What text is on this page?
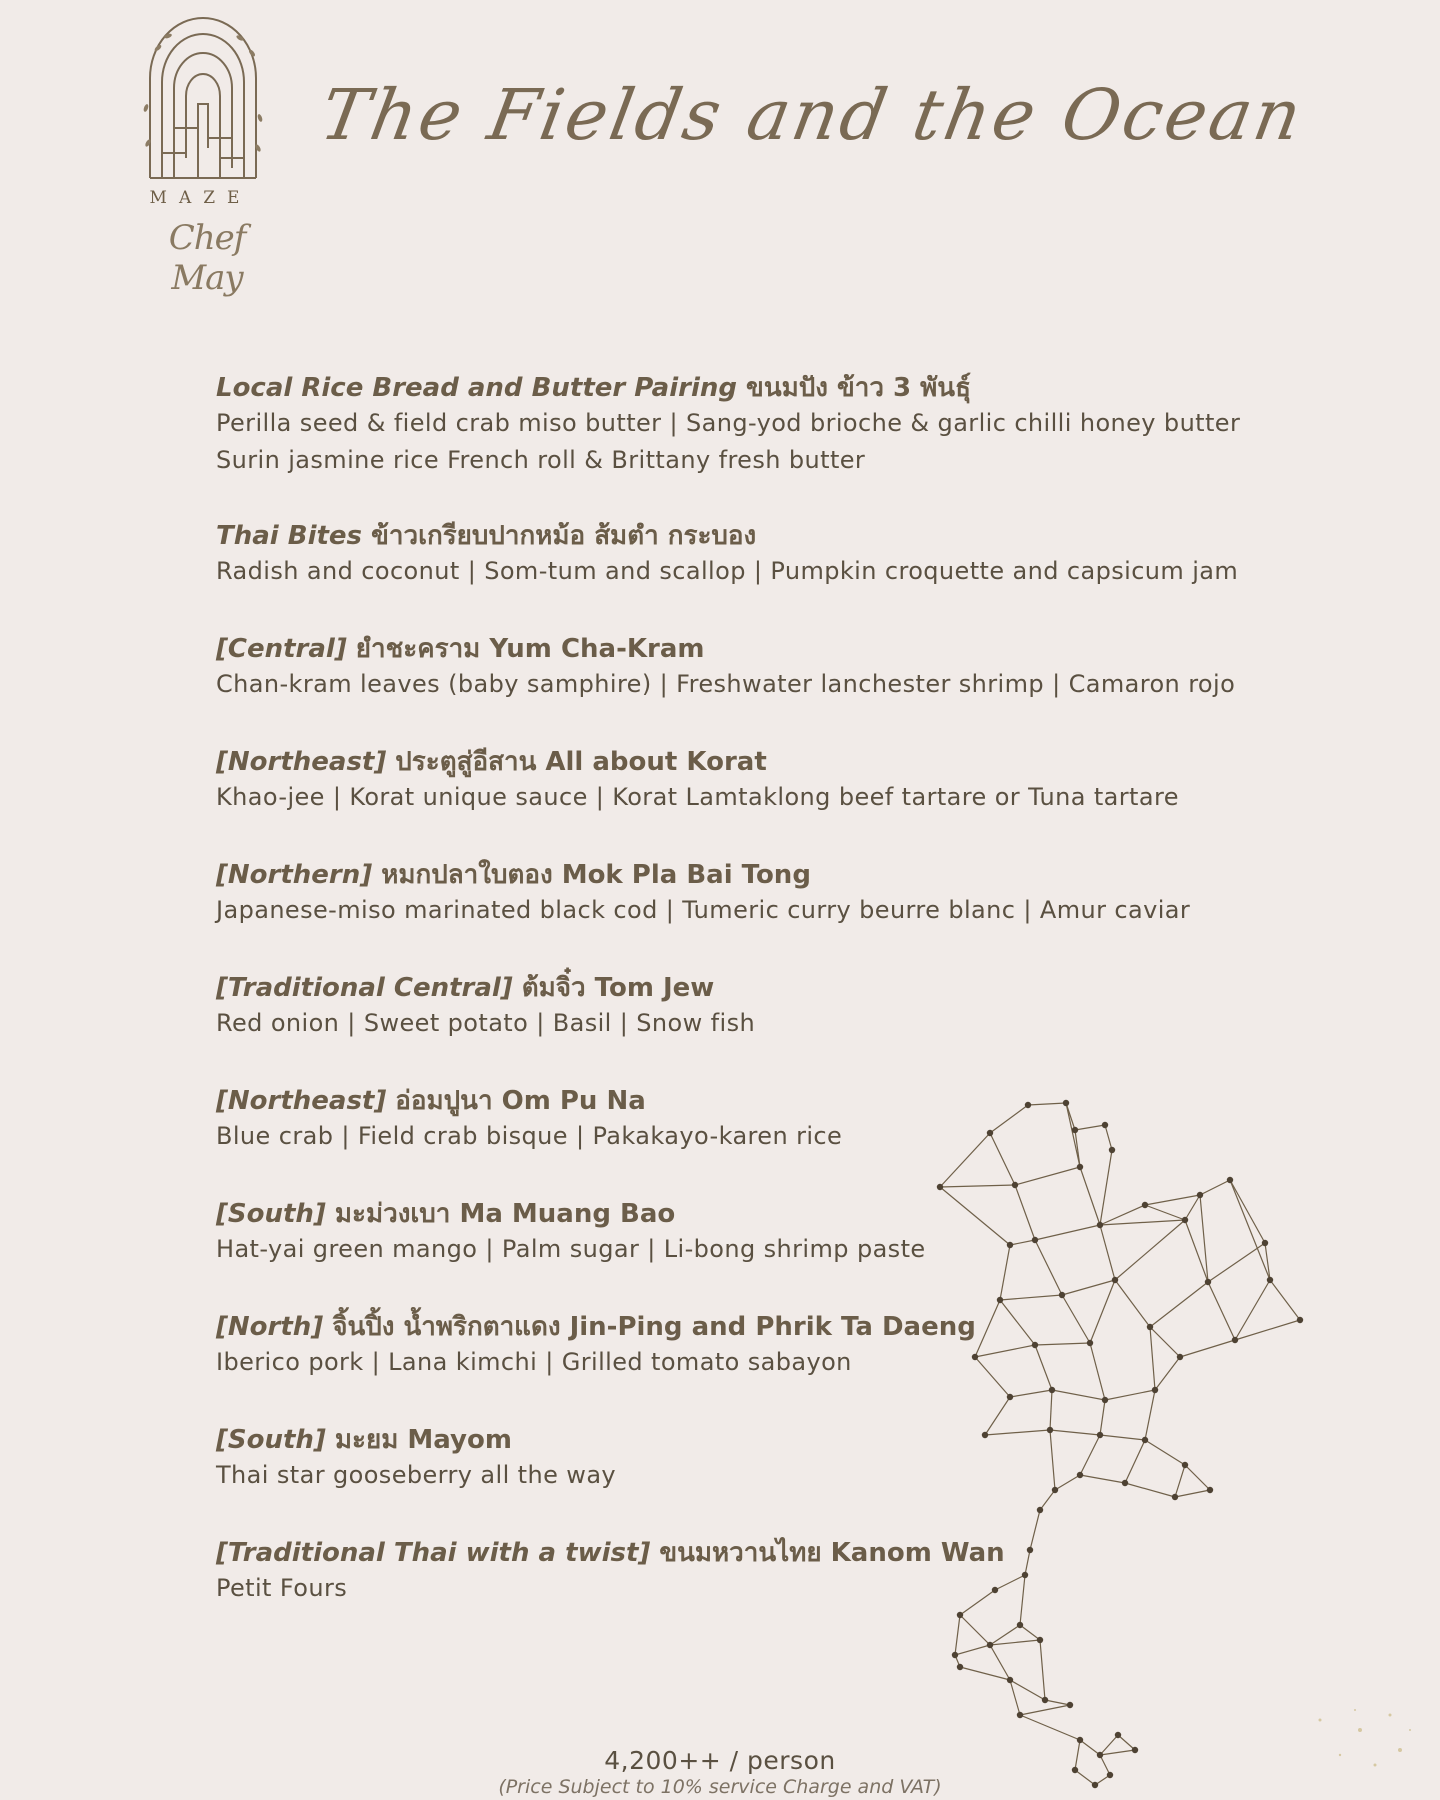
MAZE
Chef May
The Fields and the Ocean
Local Rice Bread and Butter Pairing ขนมปัง ข้าว 3 พันธุ์
Perilla seed & field crab miso butter | Sang-yod brioche & garlic chilli honey butter
Surin jasmine rice French roll & Brittany fresh butter
Thai Bites ข้าวเกรียบปากหม้อ ส้มตำ กระบอง
Radish and coconut | Som-tum and scallop | Pumpkin croquette and capsicum jam
[Central] ยำชะคราม Yum Cha-Kram
Chan-kram leaves (baby samphire) | Freshwater lanchester shrimp | Camaron rojo
[Northeast] ประตูสู่อีสาน All about Korat
Khao-jee | Korat unique sauce | Korat Lamtaklong beef tartare or Tuna tartare
[Northern] หมกปลาใบตอง Mok Pla Bai Tong
Japanese-miso marinated black cod | Tumeric curry beurre blanc | Amur caviar
[Traditional Central] ต้มจิ๋ว Tom Jew
Red onion | Sweet potato | Basil | Snow fish
[Northeast] อ่อมปูนา Om Pu Na
Blue crab | Field crab bisque | Pakakayo-karen rice
[South] มะม่วงเบา Ma Muang Bao
Hat-yai green mango | Palm sugar | Li-bong shrimp paste
[North] จิ้นปิ้ง น้ำพริกตาแดง Jin-Ping and Phrik Ta Daeng
Iberico pork | Lana kimchi | Grilled tomato sabayon
[South] มะยม Mayom
Thai star gooseberry all the way
[Traditional Thai with a twist] ขนมหวานไทย Kanom Wan
Petit Fours
4,200++ / person
(Price Subject to 10% service Charge and VAT)
